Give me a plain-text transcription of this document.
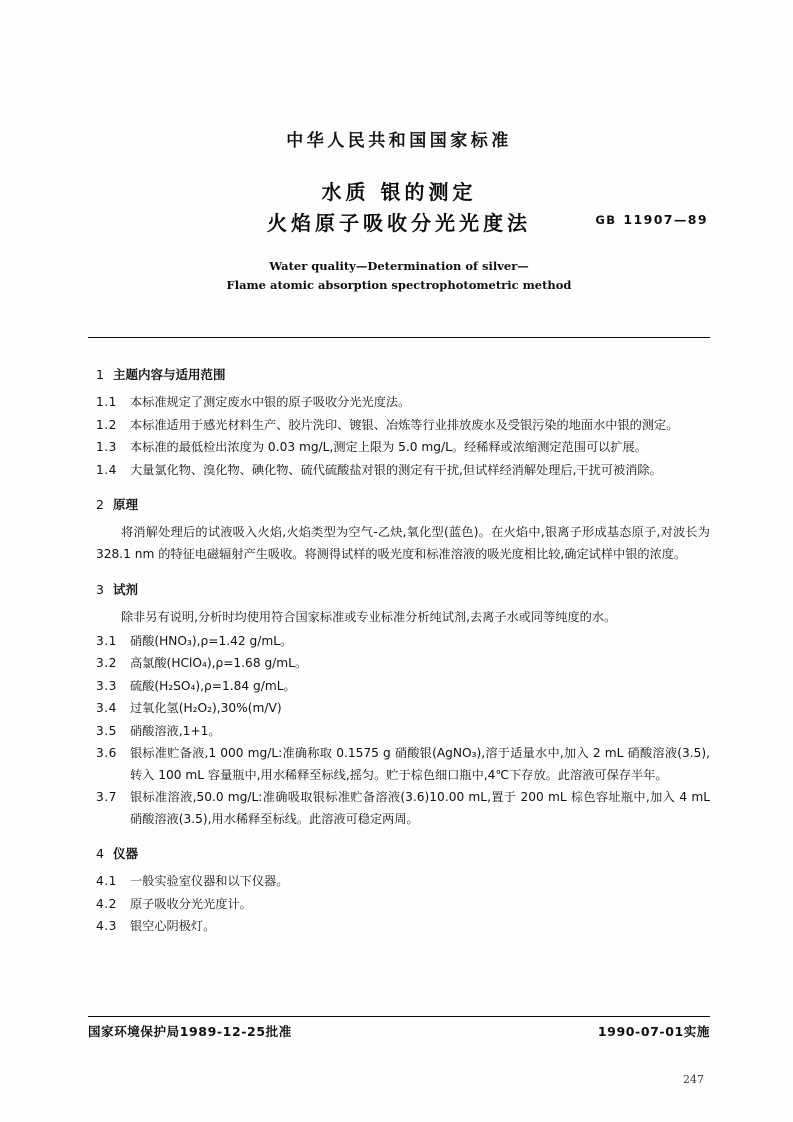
中华人民共和国国家标准
水质 银的测定
火焰原子吸收分光光度法	GB 11907—89
Water quality—Determination of silver—
Flame atomic absorption spectrophotometric method
1 主题内容与适用范围
1.1	本标准规定了测定废水中银的原子吸收分光光度法。
1.2	本标准适用于感光材料生产、胶片洗印、镀银、冶炼等行业排放废水及受银污染的地面水中银的测定。
1.3	本标准的最低检出浓度为 0.03 mg/L,测定上限为 5.0 mg/L。经稀释或浓缩测定范围可以扩展。
1.4	大量氯化物、溴化物、碘化物、硫代硫酸盐对银的测定有干扰,但试样经消解处理后,干扰可被消除。
2 原理

将消解处理后的试液吸入火焰,火焰类型为空气-乙炔,氧化型(蓝色)。在火焰中,银离子形成基态原子,对波长为 328.1 nm 的特征电磁辐射产生吸收。将测得试样的吸光度和标准溶液的吸光度相比较,确定试样中银的浓度。

3 试剂

除非另有说明,分析时均使用符合国家标准或专业标准分析纯试剂,去离子水或同等纯度的水。

3.1	硝酸(HNO₃),ρ=1.42 g/mL。
3.2	高氯酸(HClO₄),ρ=1.68 g/mL。
3.3	硫酸(H₂SO₄),ρ=1.84 g/mL。
3.4	过氧化氢(H₂O₂),30%(m/V)
3.5	硝酸溶液,1+1。
3.6	银标准贮备液,1 000 mg/L:准确称取 0.1575 g 硝酸银(AgNO₃),溶于适量水中,加入 2 mL 硝酸溶液(3.5),转入 100 mL 容量瓶中,用水稀释至标线,摇匀。贮于棕色细口瓶中,4℃下存放。此溶液可保存半年。
3.7	银标准溶液,50.0 mg/L:准确吸取银标准贮备溶液(3.6)10.00 mL,置于 200 mL 棕色容址瓶中,加入 4 mL 硝酸溶液(3.5),用水稀释至标线。此溶液可稳定两周。
4 仪器
4.1	一般实验室仪器和以下仪器。
4.2	原子吸收分光光度计。
4.3	银空心阴极灯。
国家环境保护局1989-12-25批准	1990-07-01实施
247
